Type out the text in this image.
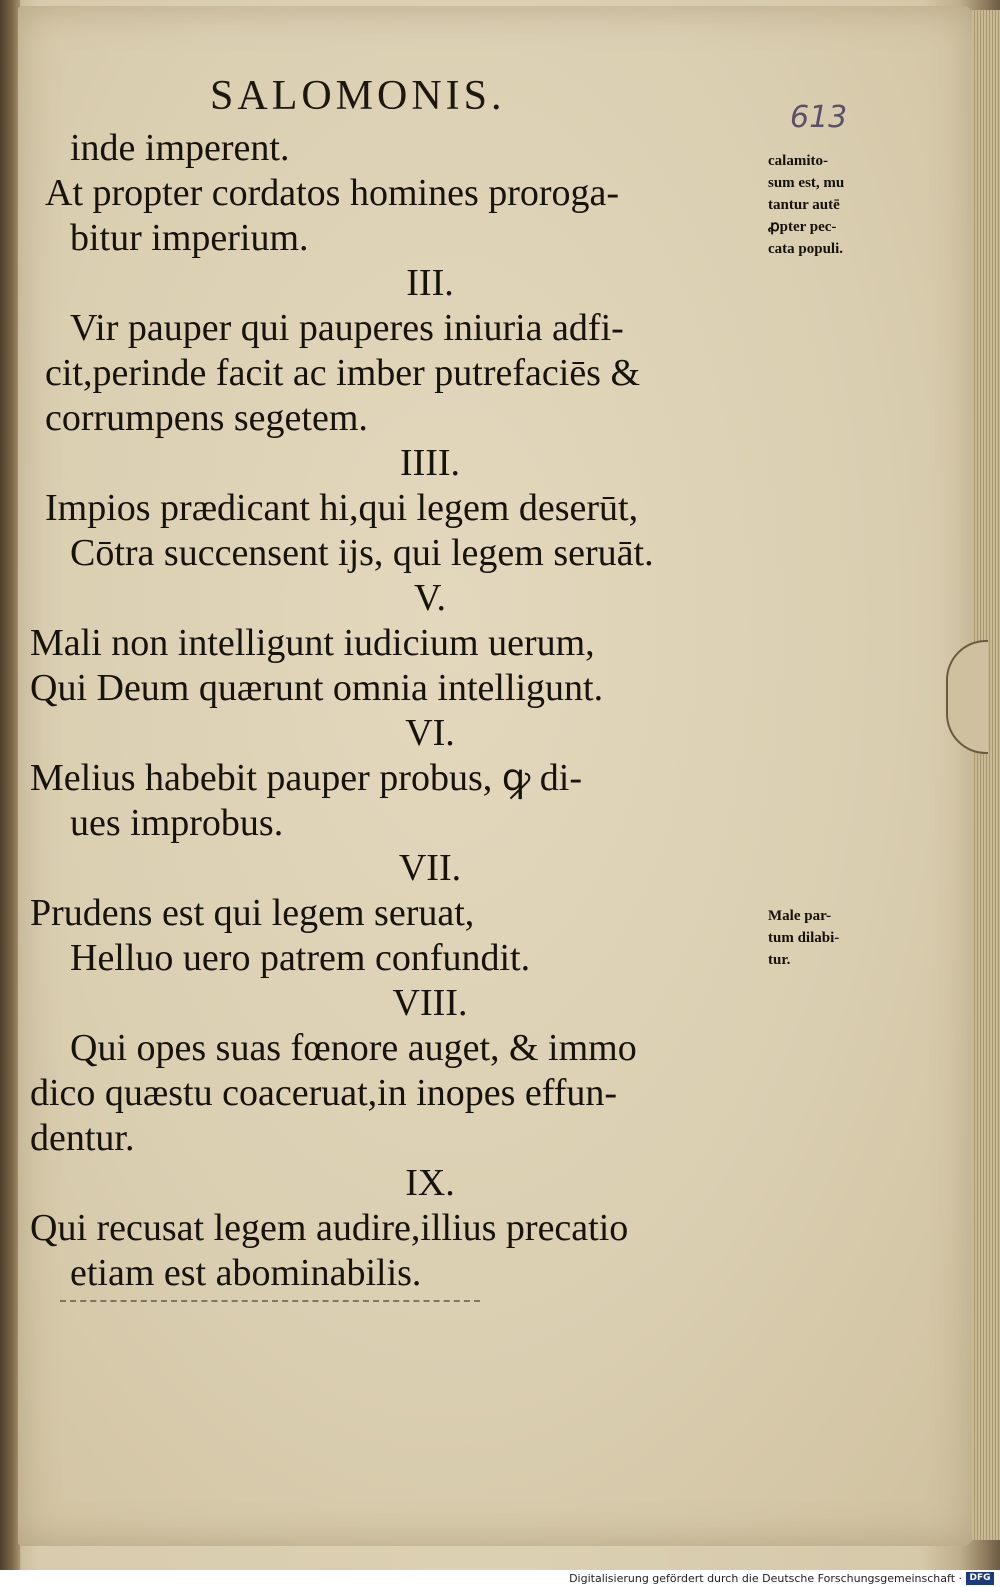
SALOMONIS.	613
inde imperent.
At propter cordatos homines proroga-
bitur imperium.
III.
Vir pauper qui pauperes iniuria adfi-
cit,perinde facit ac imber putrefaciēs &
corrumpens segetem.
IIII.
Impios prædicant hi,qui legem deserūt,
Cōtra succensent ijs, qui legem seruāt.
V.
Mali non intelligunt iudicium uerum,
Qui Deum quærunt omnia intelligunt.
VI.
Melius habebit pauper probus, ꝙ di-
ues improbus.
VII.
Prudens est qui legem seruat,
Helluo uero patrem confundit.
VIII.
Qui opes suas fœnore auget, & immo
dico quæstu coaceruat,in inopes effun-
dentur.
IX.
Qui recusat legem audire,illius precatio
etiam est abominabilis.
calamito-
sum est, mu
tantur autē
ꝓpter pec-
cata populi.
Male par-
tum dilabi-
tur.
Digitalisierung gefördert durch die Deutsche Forschungsgemeinschaft · DFG
